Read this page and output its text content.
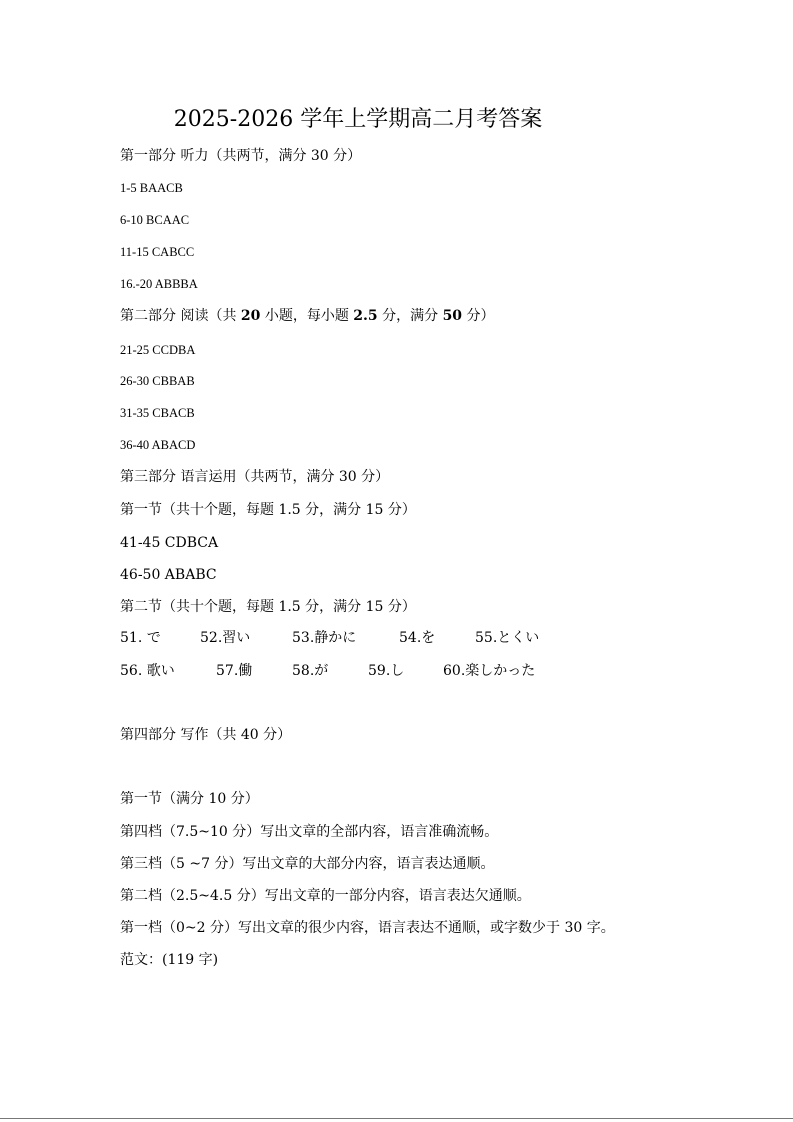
2025-2026 学年上学期高二月考答案
第一部分 听力（共两节，满分 30 分）
1-5 BAACB
6-10 BCAAC
11-15 CABCC
16.-20 ABBBA
第二部分 阅读（共 20 小题，每小题 2.5 分，满分 50 分）
21-25 CCDBA
26-30 CBBAB
31-35 CBACB
36-40 ABACD
第三部分 语言运用（共两节，满分 30 分）
第一节（共十个题，每题 1.5 分，满分 15 分）
41-45 CDBCA
46-50 ABABC
第二节（共十个题，每题 1.5 分，满分 15 分）
51. で	52.習い	53.静かに	54.を	55.とくい
56. 歌い	57.働	58.が	59.し	60.楽しかった
第四部分 写作（共 40 分）
第一节（满分 10 分）
第四档（7.5~10 分）写出文章的全部内容，语言准确流畅。
第三档（5 ~7 分）写出文章的大部分内容，语言表达通顺。
第二档（2.5~4.5 分）写出文章的一部分内容，语言表达欠通顺。
第一档（0~2 分）写出文章的很少内容，语言表达不通顺，或字数少于 30 字。
范文：(119 字)
